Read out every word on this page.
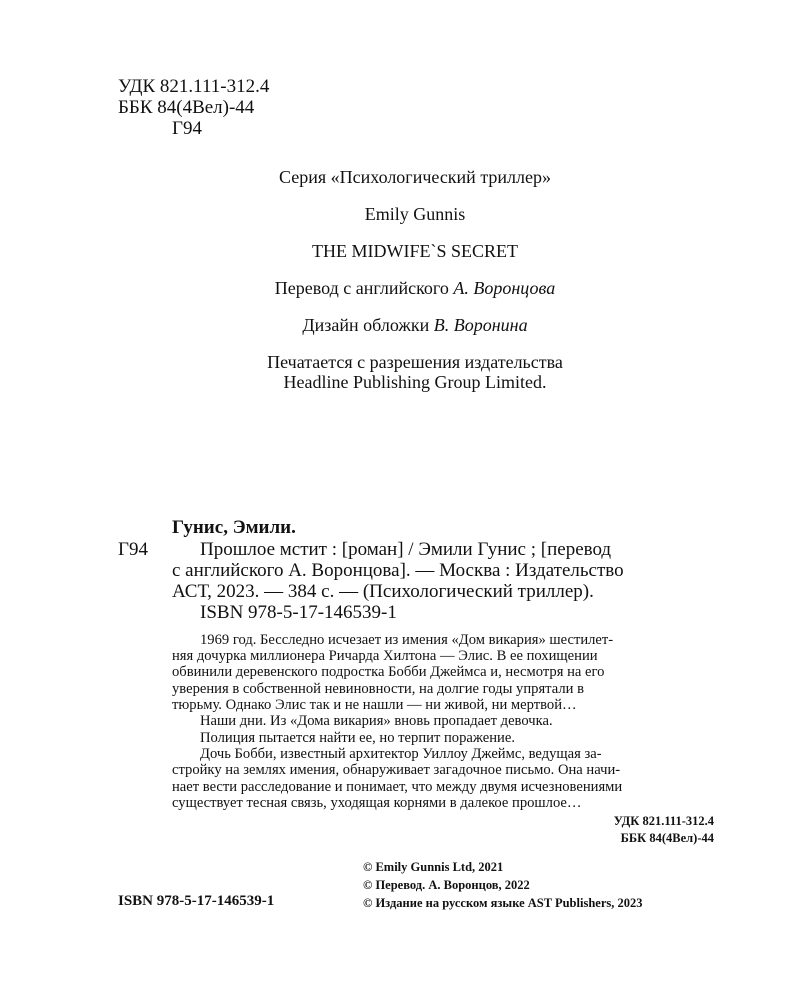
УДК 821.111-312.4
ББК 84(4Вел)-44
Г94
Серия «Психологический триллер»
Emily Gunnis
THE MIDWIFE`S SECRET
Перевод с английского А. Воронцова
Дизайн обложки В. Воронина
Печатается с разрешения издательства
Headline Publishing Group Limited.
Гунис, Эмили.
Г94	Прошлое мстит : [роман] / Эмили Гунис ; [перевод
с английского А. Воронцова]. — Москва : Издательство
АСТ, 2023. — 384 с. — (Психологический триллер).
ISBN 978-5-17-146539-1
1969 год. Бесследно исчезает из имения «Дом викария» шестилет-
няя дочурка миллионера Ричарда Хилтона — Элис. В ее похищении
обвинили деревенского подростка Бобби Джеймса и, несмотря на его
уверения в собственной невиновности, на долгие годы упрятали в
тюрьму. Однако Элис так и не нашли — ни живой, ни мертвой…
Наши дни. Из «Дома викария» вновь пропадает девочка.
Полиция пытается найти ее, но терпит поражение.
Дочь Бобби, известный архитектор Уиллоу Джеймс, ведущая за-
стройку на землях имения, обнаруживает загадочное письмо. Она начи-
нает вести расследование и понимает, что между двумя исчезновениями
существует тесная связь, уходящая корнями в далекое прошлое…
УДК 821.111-312.4
ББК 84(4Вел)-44
© Emily Gunnis Ltd, 2021
© Перевод. А. Воронцов, 2022
© Издание на русском языке AST Publishers, 2023
ISBN 978-5-17-146539-1
